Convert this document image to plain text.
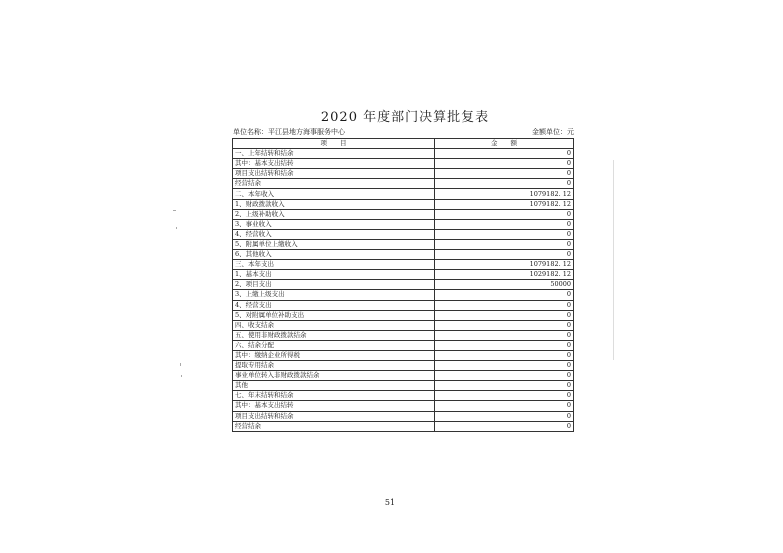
2020 年度部门决算批复表
单位名称：平江县地方海事服务中心	金额单位：元
项　　目	金　　额
一、上年结转和结余	0
其中：基本支出结转	0
项目支出结转和结余	0
经营结余	0
二、本年收入	1079182. 12
1、财政拨款收入	1079182. 12
2、上级补助收入	0
3、事业收入	0
4、经营收入	0
5、附属单位上缴收入	0
6、其他收入	0
三、本年支出	1079182. 12
1、基本支出	1029182. 12
2、项目支出	50000
3、上缴上级支出	0
4、经营支出	0
5、对附属单位补助支出	0
四、收支结余	0
五、使用非财政拨款结余	0
六、结余分配	0
其中：缴纳企业所得税	0
提取专用结余	0
事业单位转入非财政拨款结余	0
其他	0
七、年末结转和结余	0
其中：基本支出结转	0
项目支出结转和结余	0
经营结余	0
51
